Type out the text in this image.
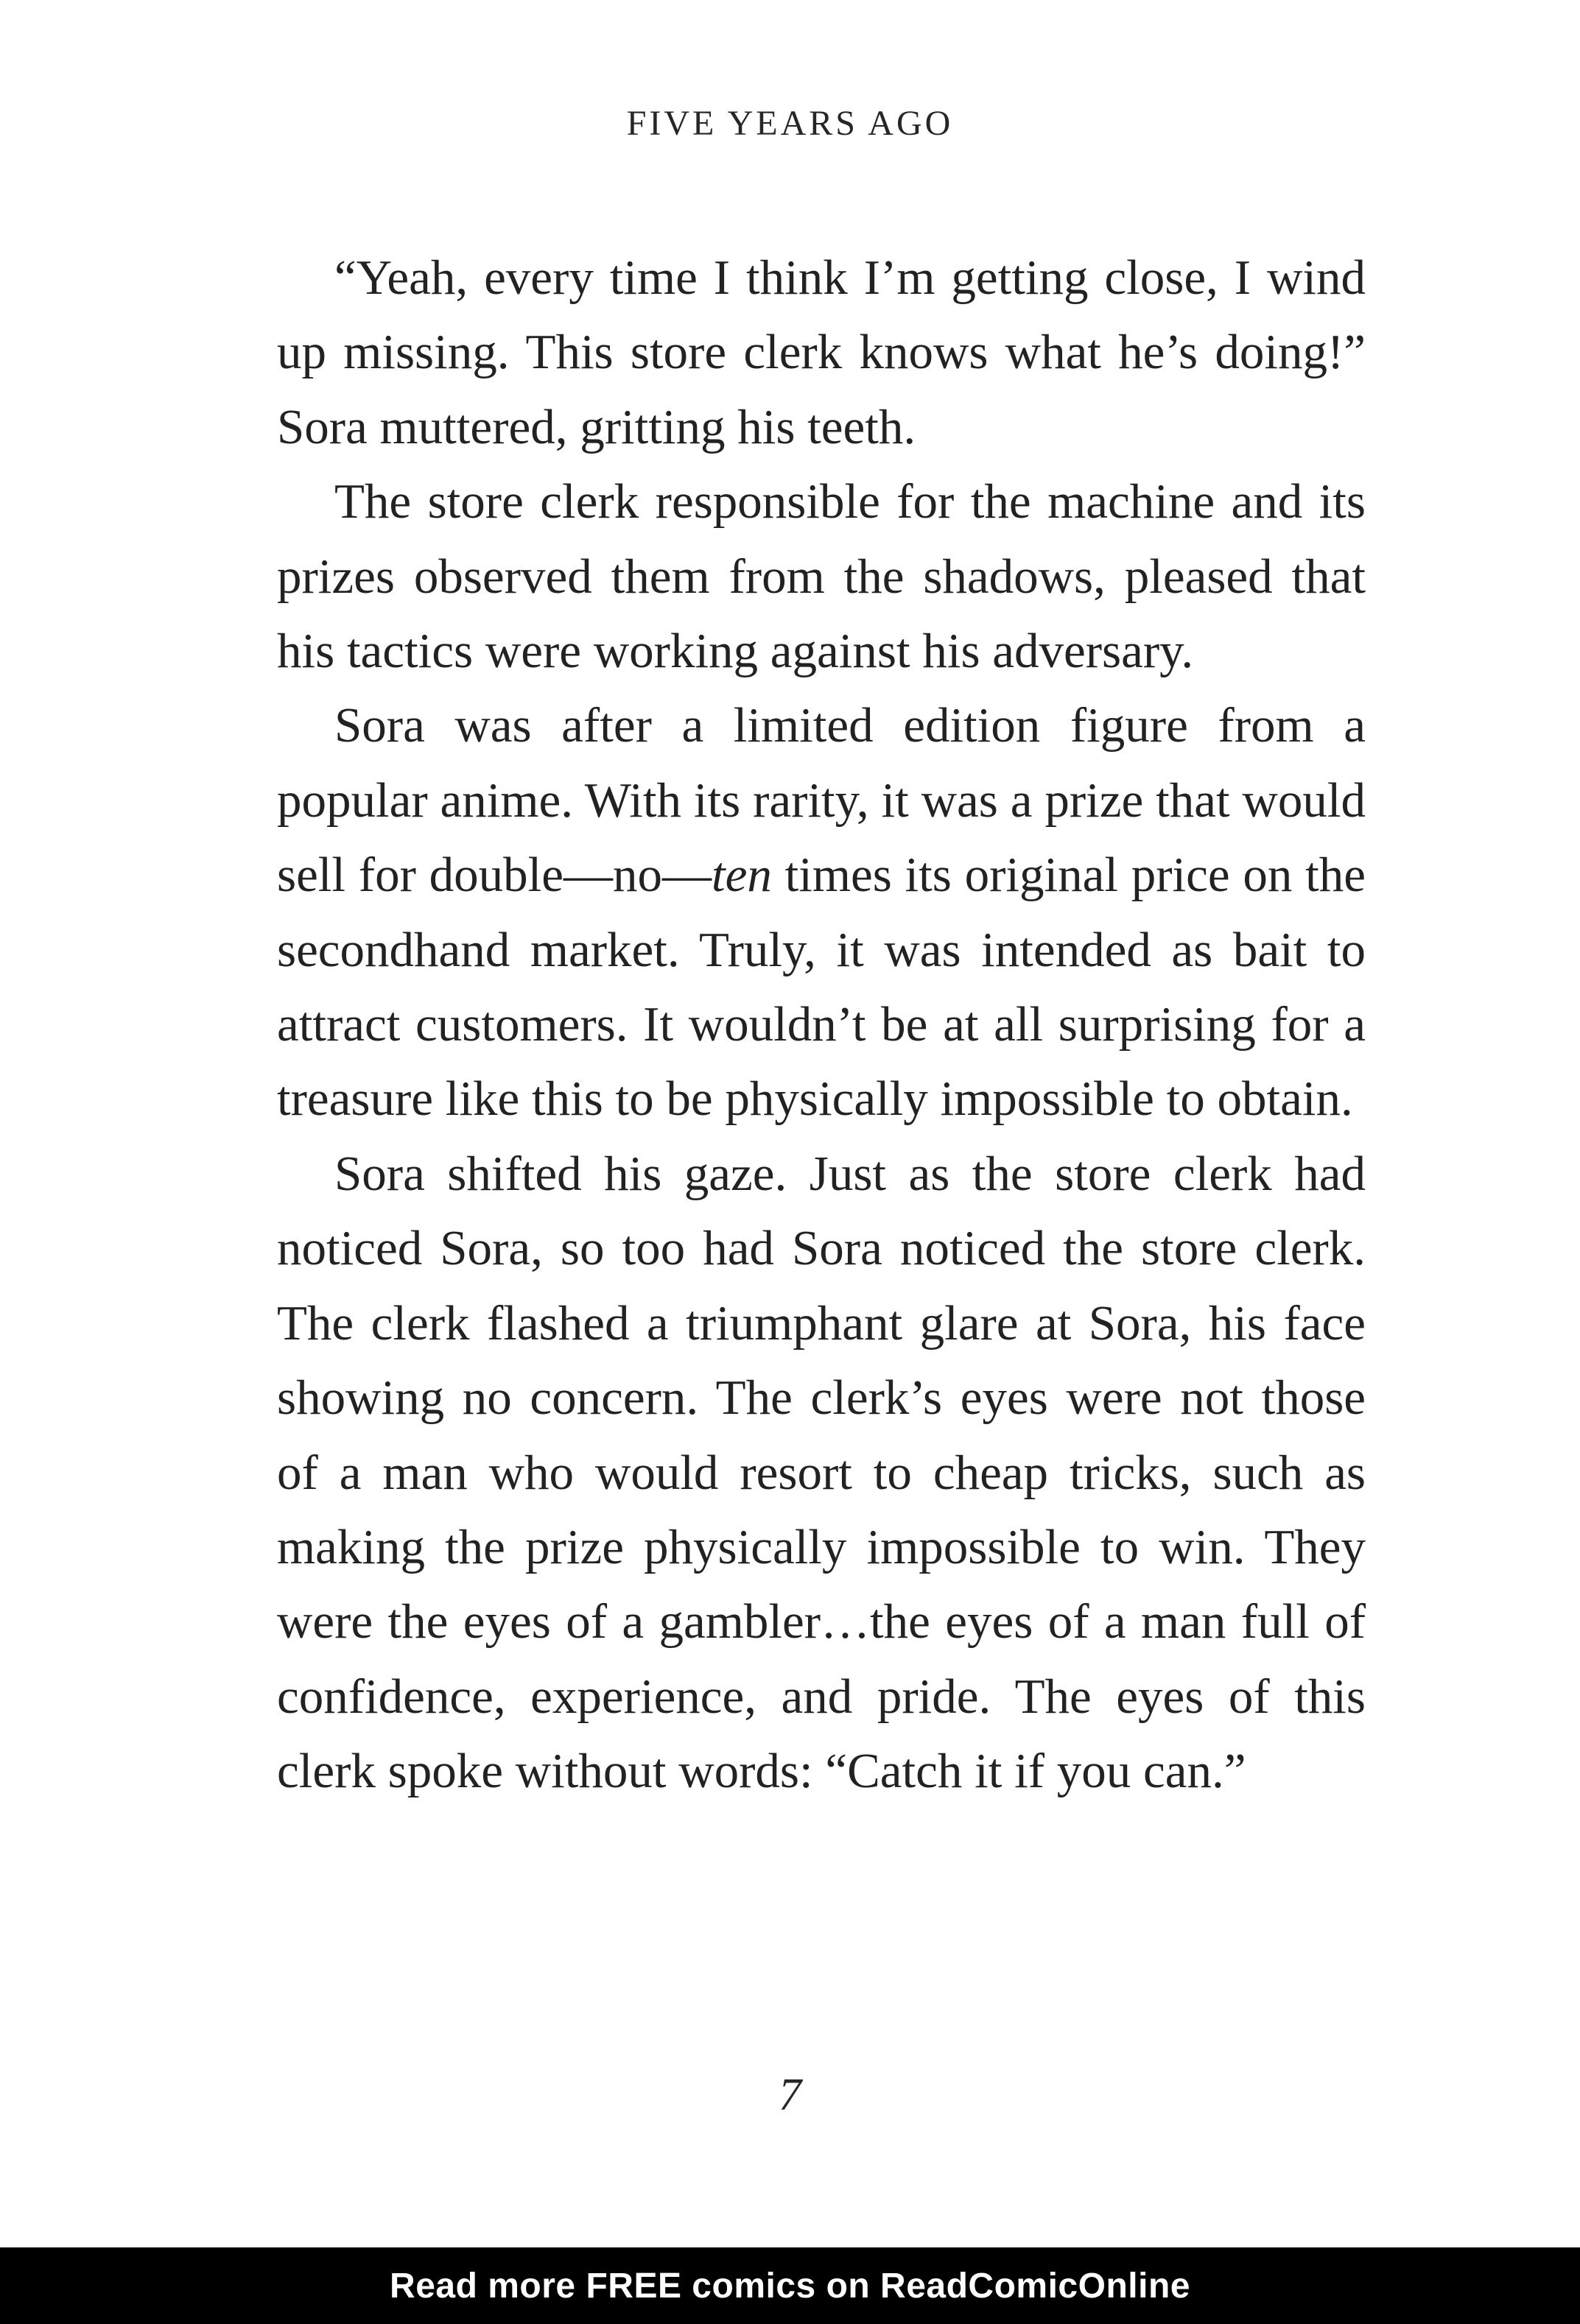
FIVE YEARS AGO

“Yeah, every time I think I’m getting close, I wind up missing. This store clerk knows what he’s doing!” Sora muttered, gritting his teeth.

The store clerk responsible for the machine and its prizes observed them from the shadows, pleased that his tactics were working against his adversary.

Sora was after a limited edition figure from a popular anime. With its rarity, it was a prize that would sell for double—no—ten times its original price on the secondhand market. Truly, it was intended as bait to attract customers. It wouldn’t be at all surprising for a treasure like this to be physically impossible to obtain.

Sora shifted his gaze. Just as the store clerk had noticed Sora, so too had Sora noticed the store clerk. The clerk flashed a triumphant glare at Sora, his face showing no concern. The clerk’s eyes were not those of a man who would resort to cheap tricks, such as making the prize physically impossible to win. They were the eyes of a gambler…the eyes of a man full of confidence, experience, and pride. The eyes of this clerk spoke without words: “Catch it if you can.”

7
Read more FREE comics on ReadComicOnline
